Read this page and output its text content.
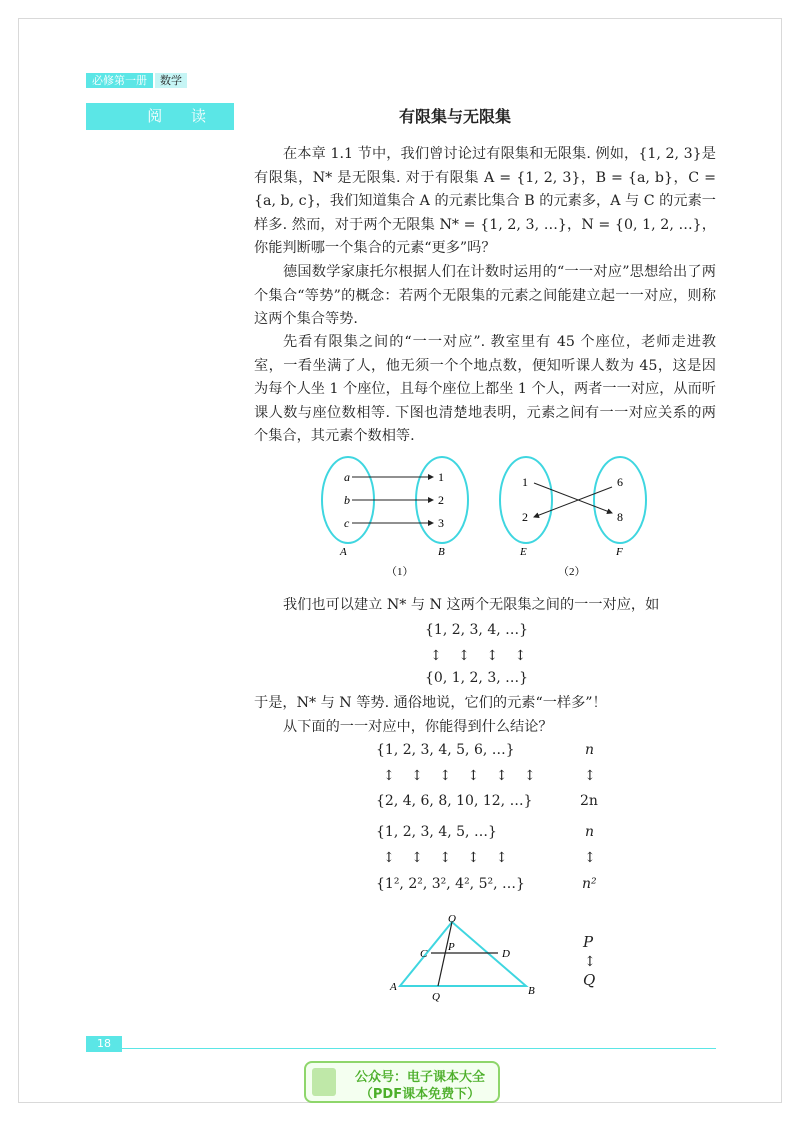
必修第一册	数学
阅 读	有限集与无限集

在本章 1.1 节中，我们曾讨论过有限集和无限集. 例如，{1, 2, 3}是有限集，N* 是无限集. 对于有限集 A = {1, 2, 3}，B = {a, b}，C = {a, b, c}，我们知道集合 A 的元素比集合 B 的元素多，A 与 C 的元素一样多. 然而，对于两个无限集 N* = {1, 2, 3, …}，N = {0, 1, 2, …}，你能判断哪一个集合的元素“更多”吗？

德国数学家康托尔根据人们在计数时运用的“一一对应”思想给出了两个集合“等势”的概念：若两个无限集的元素之间能建立起一一对应，则称这两个集合等势.

先看有限集之间的“一一对应”. 教室里有 45 个座位，老师走进教室，一看坐满了人，他无须一个个地点数，便知听课人数为 45，这是因为每个人坐 1 个座位，且每个座位上都坐 1 个人，两者一一对应，从而听课人数与座位数相等. 下图也清楚地表明，元素之间有一一对应关系的两个集合，其元素个数相等.

a
b
c
1
2
3
A	B
（1）
1
2
6
8
E	F
（2）

我们也可以建立 N* 与 N 这两个无限集之间的一一对应，如

{1, 2, 3, 4, …}
↕ ↕ ↕ ↕
{0, 1, 2, 3, …}

于是，N* 与 N 等势. 通俗地说，它们的元素“一样多”！

从下面的一一对应中，你能得到什么结论？

{1, 2, 3, 4, 5, 6, …}
↕ ↕ ↕ ↕ ↕ ↕
{2, 4, 6, 8, 10, 12, …}
n
↕
2n
{1, 2, 3, 4, 5, …}
↕ ↕ ↕ ↕ ↕
{1², 2², 3², 4², 5², …}
n
↕
n²
O
C
P
D
A
Q	B
P
↕
Q
18
公众号：电子课本大全
（PDF课本免费下）
